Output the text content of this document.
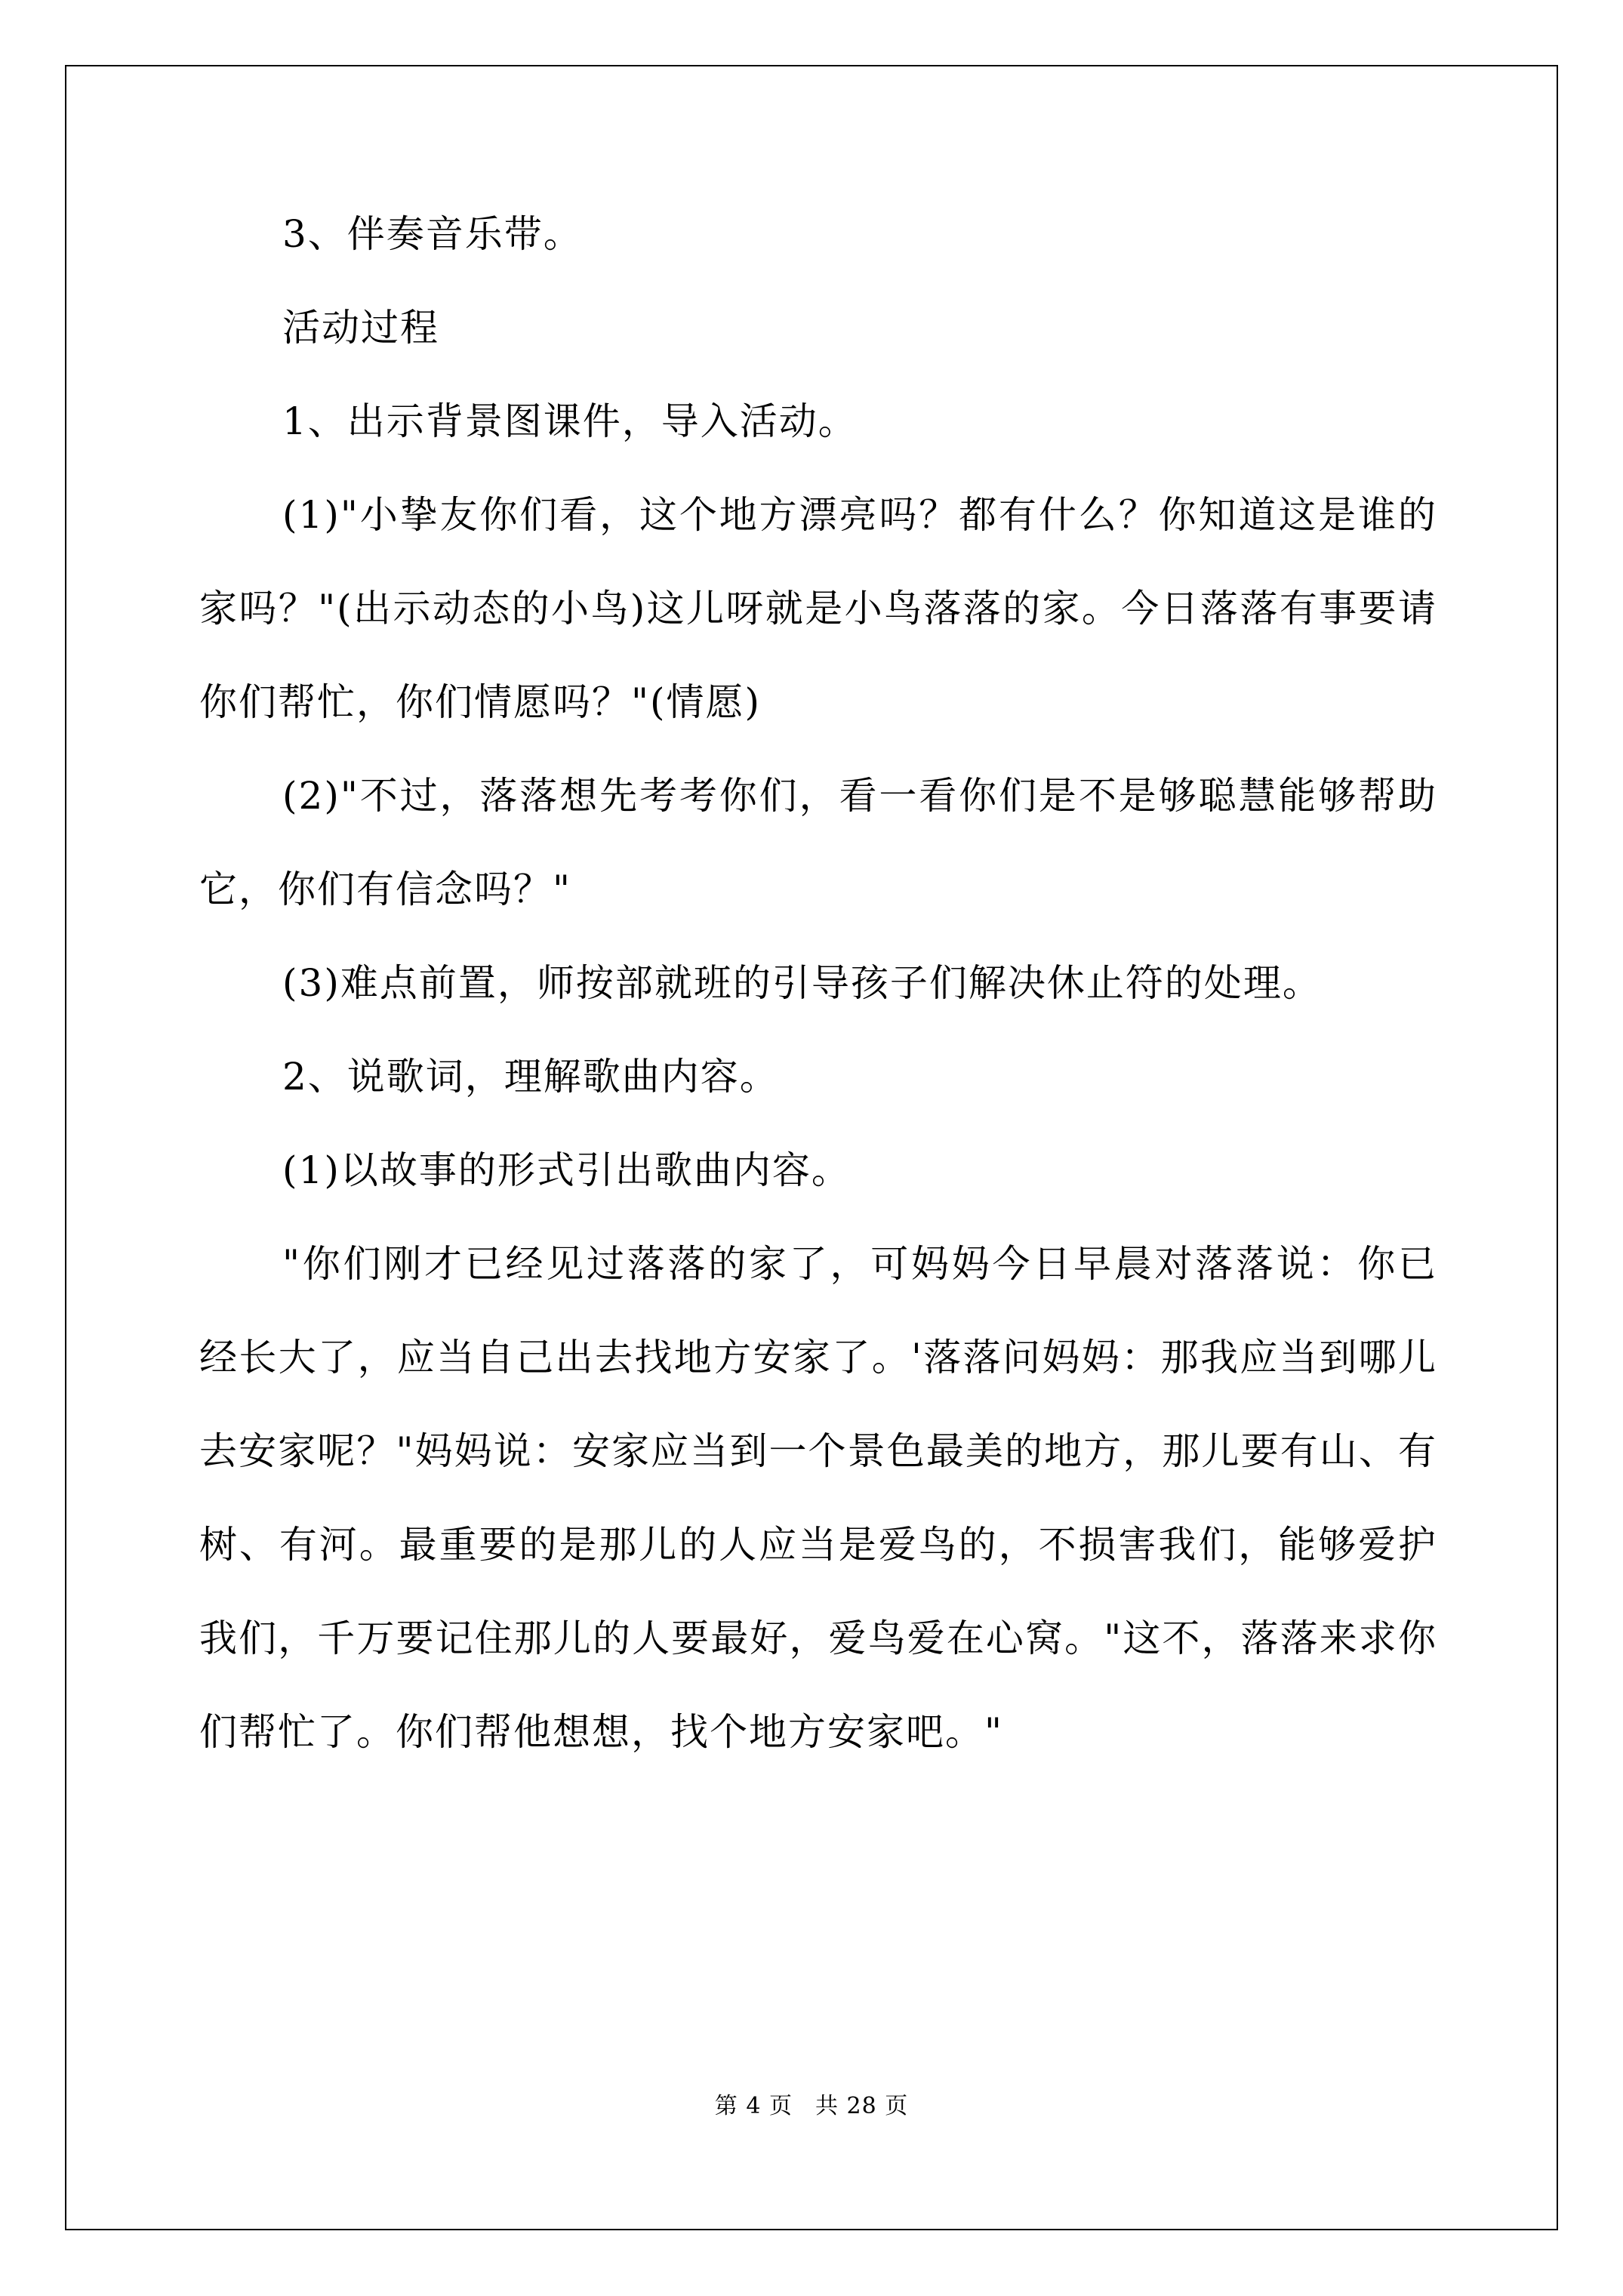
3、伴奏音乐带。

活动过程

1、出示背景图课件，导入活动。

(1)"小挚友你们看，这个地方漂亮吗？都有什么？你知道这是谁的家吗？"(出示动态的小鸟)这儿呀就是小鸟落落的家。今日落落有事要请你们帮忙，你们情愿吗？"(情愿)

(2)"不过，落落想先考考你们，看一看你们是不是够聪慧能够帮助它，你们有信念吗？"

(3)难点前置，师按部就班的引导孩子们解决休止符的处理。

2、说歌词，理解歌曲内容。

(1)以故事的形式引出歌曲内容。

"你们刚才已经见过落落的家了，可妈妈今日早晨对落落说：你已经长大了，应当自己出去找地方安家了。'落落问妈妈：那我应当到哪儿去安家呢？"妈妈说：安家应当到一个景色最美的地方，那儿要有山、有树、有河。最重要的是那儿的人应当是爱鸟的，不损害我们，能够爱护我们，千万要记住那儿的人要最好，爱鸟爱在心窝。"这不，落落来求你们帮忙了。你们帮他想想，找个地方安家吧。"

第 4 页 共 28 页
